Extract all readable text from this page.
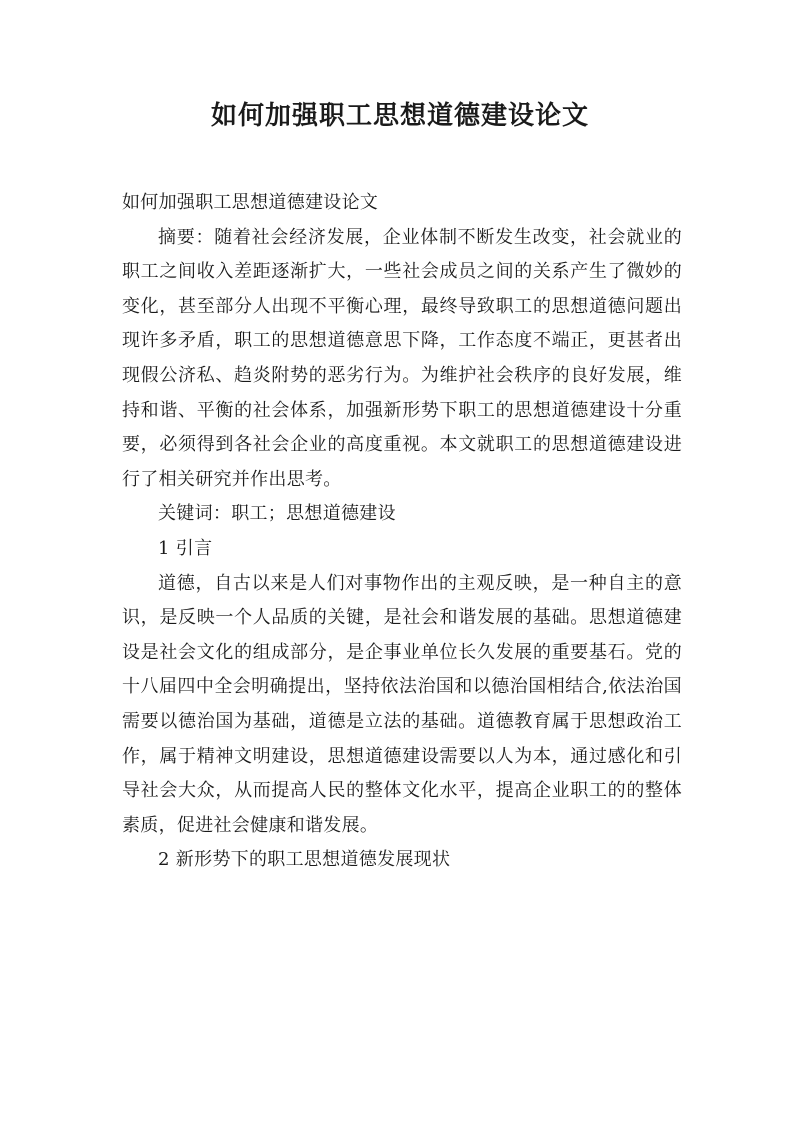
如何加强职工思想道德建设论文

如何加强职工思想道德建设论文

摘要：随着社会经济发展，企业体制不断发生改变，社会就业的职工之间收入差距逐渐扩大，一些社会成员之间的关系产生了微妙的变化，甚至部分人出现不平衡心理，最终导致职工的思想道德问题出现许多矛盾，职工的思想道德意思下降，工作态度不端正，更甚者出现假公济私、趋炎附势的恶劣行为。为维护社会秩序的良好发展，维持和谐、平衡的社会体系，加强新形势下职工的思想道德建设十分重要，必须得到各社会企业的高度重视。本文就职工的思想道德建设进行了相关研究并作出思考。

关键词：职工；思想道德建设

1 引言

道德，自古以来是人们对事物作出的主观反映，是一种自主的意识，是反映一个人品质的关键，是社会和谐发展的基础。思想道德建设是社会文化的组成部分，是企事业单位长久发展的重要基石。党的十八届四中全会明确提出，坚持依法治国和以德治国相结合,依法治国需要以德治国为基础，道德是立法的基础。道德教育属于思想政治工作，属于精神文明建设，思想道德建设需要以人为本，通过感化和引导社会大众，从而提高人民的整体文化水平，提高企业职工的的整体素质，促进社会健康和谐发展。

2 新形势下的职工思想道德发展现状
